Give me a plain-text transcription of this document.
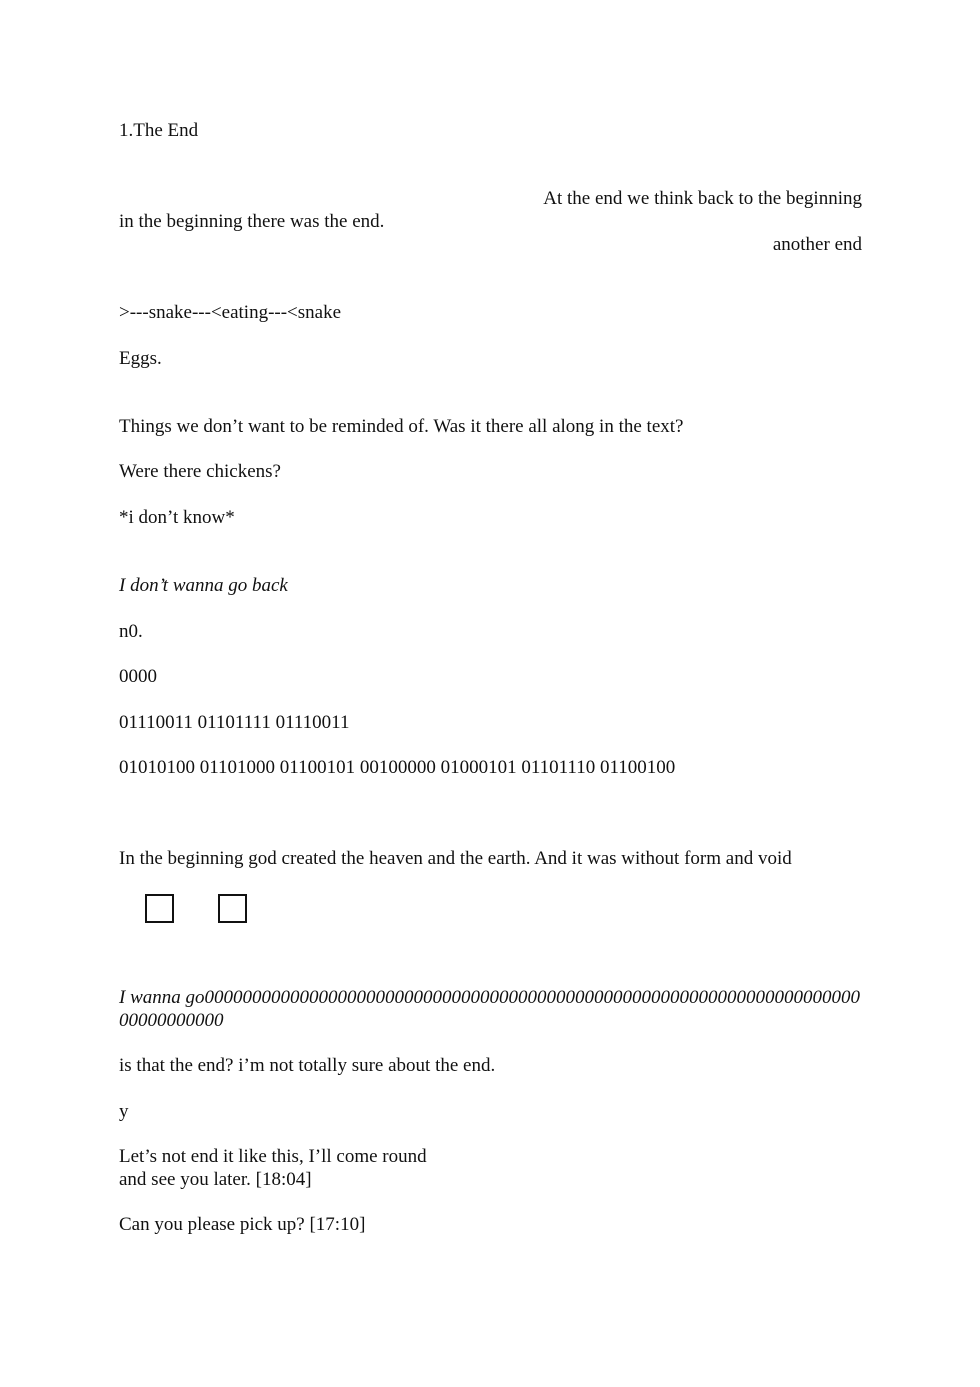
1.The End
At the end we think back to the beginning
in the beginning there was the end.
another end
>---snake---<eating---<snake
Eggs.
Things we don’t want to be reminded of. Was it there all along in the text?
Were there chickens?
*i don’t know*
I don’t wanna go back
n0.
0000
01110011 01101111 01110011
01010100 01101000 01100101 00100000 01000101 01101110 01100100
In the beginning god created the heaven and the earth. And it was without form and void
I wanna go00000000000000000000000000000000000000000000000000000000000000000000000000000000
is that the end? i’m not totally sure about the end.
y
Let’s not end it like this, I’ll come round
and see you later. [18:04]
Can you please pick up? [17:10]
